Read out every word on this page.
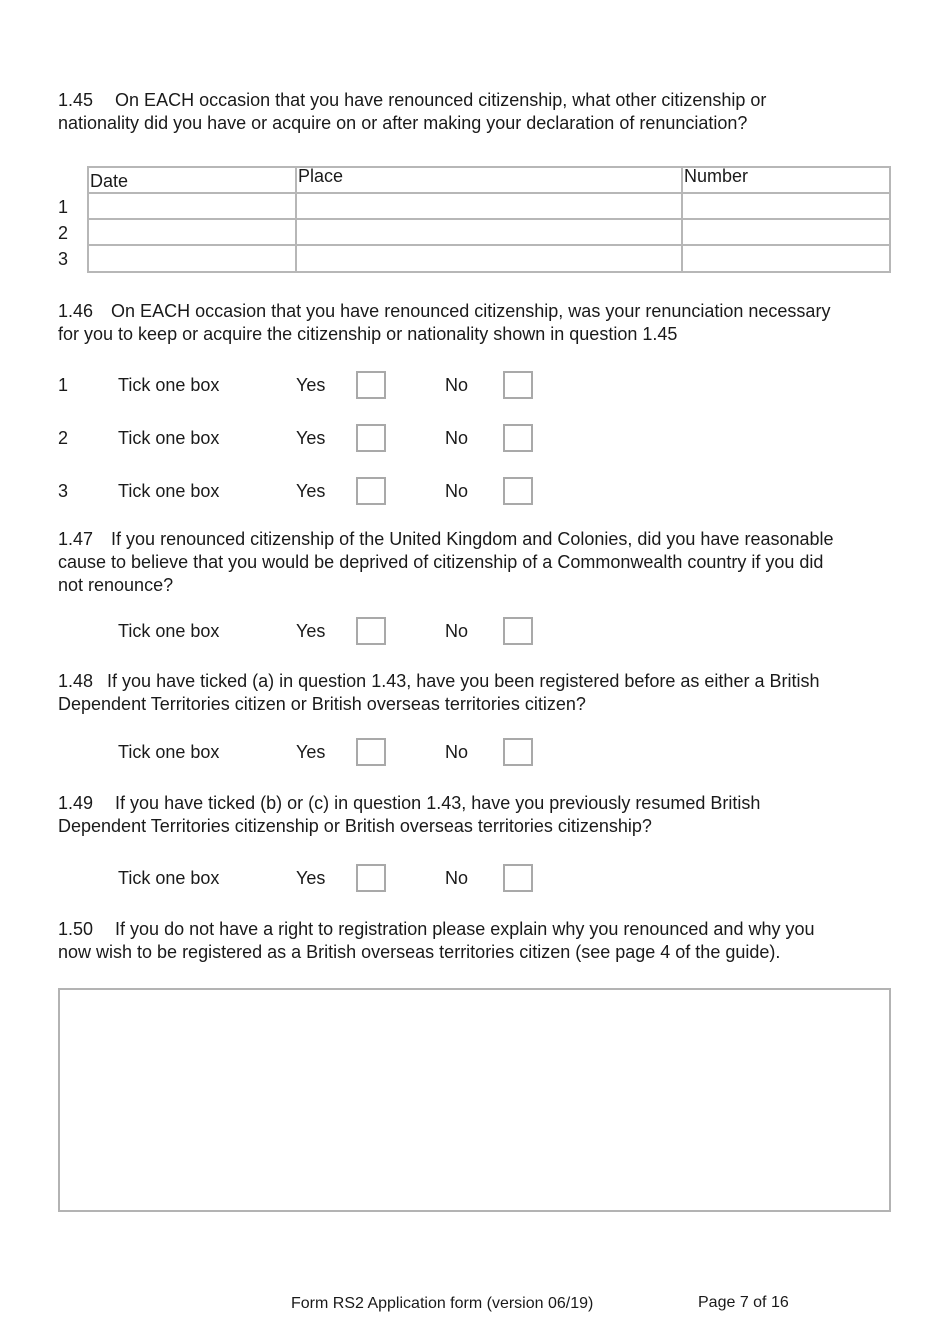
1.45 On EACH occasion that you have renounced citizenship, what other citizenship or
nationality did you have or acquire on or after making your declaration of renunciation?
Date	Place	Number
1
2
3
1.46 On EACH occasion that you have renounced citizenship, was your renunciation necessary
for you to keep or acquire the citizenship or nationality shown in question 1.45
1	Tick one box	Yes	No
2	Tick one box	Yes	No
3	Tick one box	Yes	No
1.47 If you renounced citizenship of the United Kingdom and Colonies, did you have reasonable
cause to believe that you would be deprived of citizenship of a Commonwealth country if you did
not renounce?
Tick one box	Yes	No
1.48 If you have ticked (a) in question 1.43, have you been registered before as either a British
Dependent Territories citizen or British overseas territories citizen?
Tick one box	Yes	No
1.49 If you have ticked (b) or (c) in question 1.43, have you previously resumed British
Dependent Territories citizenship or British overseas territories citizenship?
Tick one box	Yes	No
1.50 If you do not have a right to registration please explain why you renounced and why you
now wish to be registered as a British overseas territories citizen (see page 4 of the guide).
Form RS2 Application form (version 06/19)	Page 7 of 16
